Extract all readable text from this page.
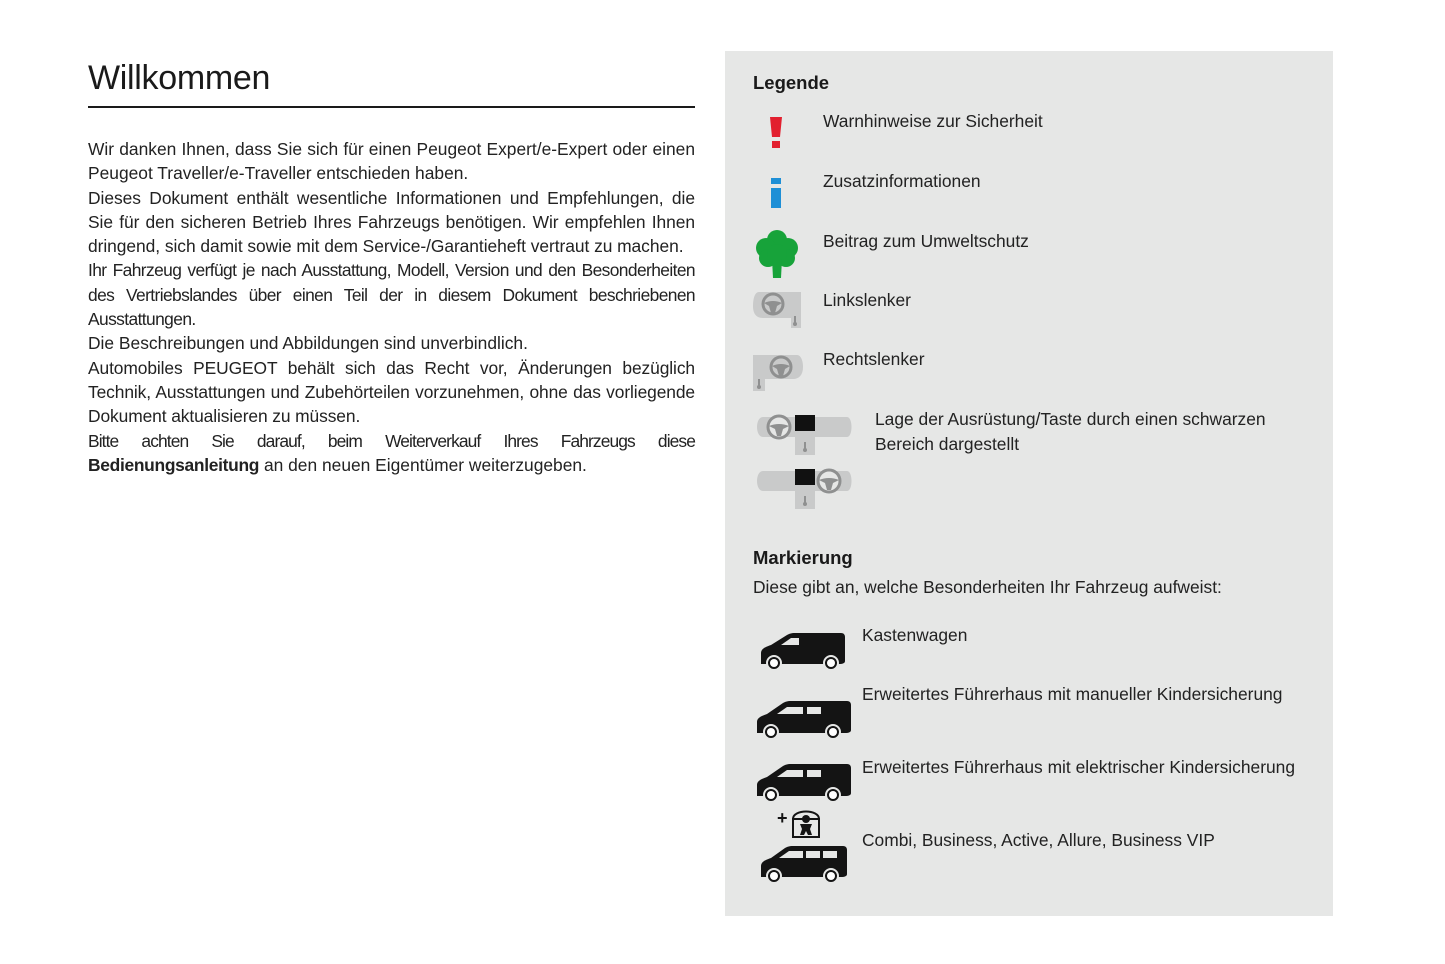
Willkommen

Wir danken Ihnen, dass Sie sich für einen Peugeot Expert/e-Expert oder einen Peugeot Traveller/e-Traveller entschieden haben.

Dieses Dokument enthält wesentliche Informationen und Empfehlungen, die Sie für den sicheren Betrieb Ihres Fahrzeugs benötigen. Wir empfehlen Ihnen dringend, sich damit sowie mit dem Service-/Garantieheft vertraut zu machen.

Ihr Fahrzeug verfügt je nach Ausstattung, Modell, Version und den Besonderheiten des Vertriebslandes über einen Teil der in diesem Dokument beschriebenen Ausstattungen.

Die Beschreibungen und Abbildungen sind unverbindlich.

Automobiles PEUGEOT behält sich das Recht vor, Änderungen bezüglich Technik, Ausstattungen und Zubehörteilen vorzunehmen, ohne das vorliegende Dokument aktualisieren zu müssen.

Bitte achten Sie darauf, beim Weiterverkauf Ihres Fahrzeugs diese Bedienungsanleitung an den neuen Eigentümer weiterzugeben.

Legende
Warnhinweise zur Sicherheit
Zusatzinformationen
Beitrag zum Umweltschutz
Linkslenker
Rechtslenker
Lage der Ausrüstung/Taste durch einen schwarzen Bereich dargestellt
Markierung

Diese gibt an, welche Besonderheiten Ihr Fahrzeug aufweist:

Kastenwagen
Erweitertes Führerhaus mit manueller Kindersicherung
+
Erweitertes Führerhaus mit elektrischer Kindersicherung
Combi, Business, Active, Allure, Business VIP
